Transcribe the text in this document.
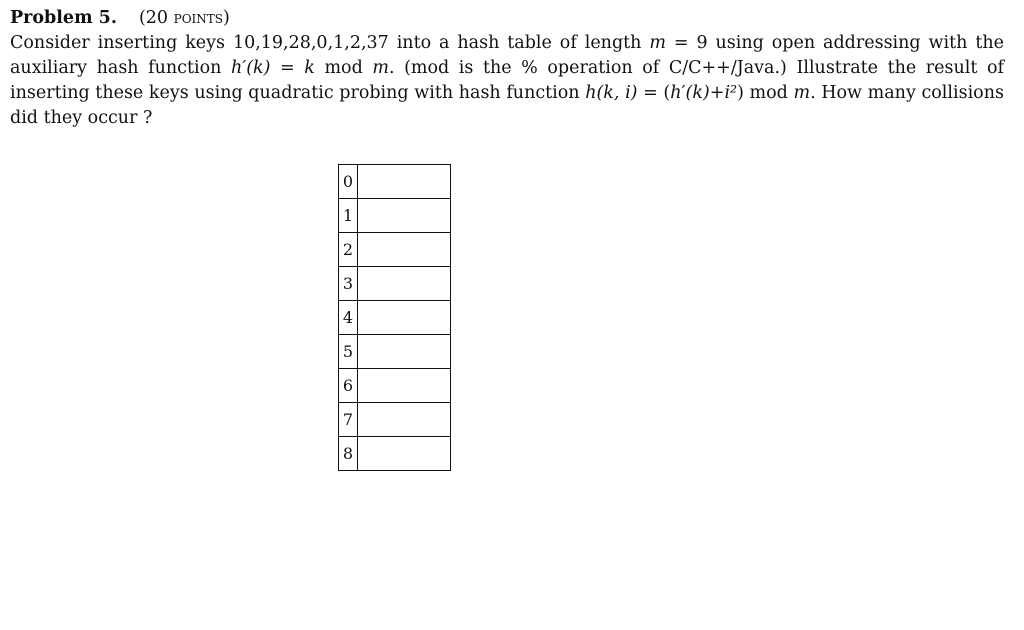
Problem 5. (20 points)

Consider inserting keys 10,19,28,0,1,2,37 into a hash table of length m = 9 using open addressing with the auxiliary hash function h′(k) = k mod m. (mod is the % operation of C/C++/Java.) Illustrate the result of inserting these keys using quadratic probing with hash function h(k, i) = (h′(k)+i²) mod m. How many collisions did they occur ?

0	
1	
2	
3	
4	
5	
6	
7	
8	
